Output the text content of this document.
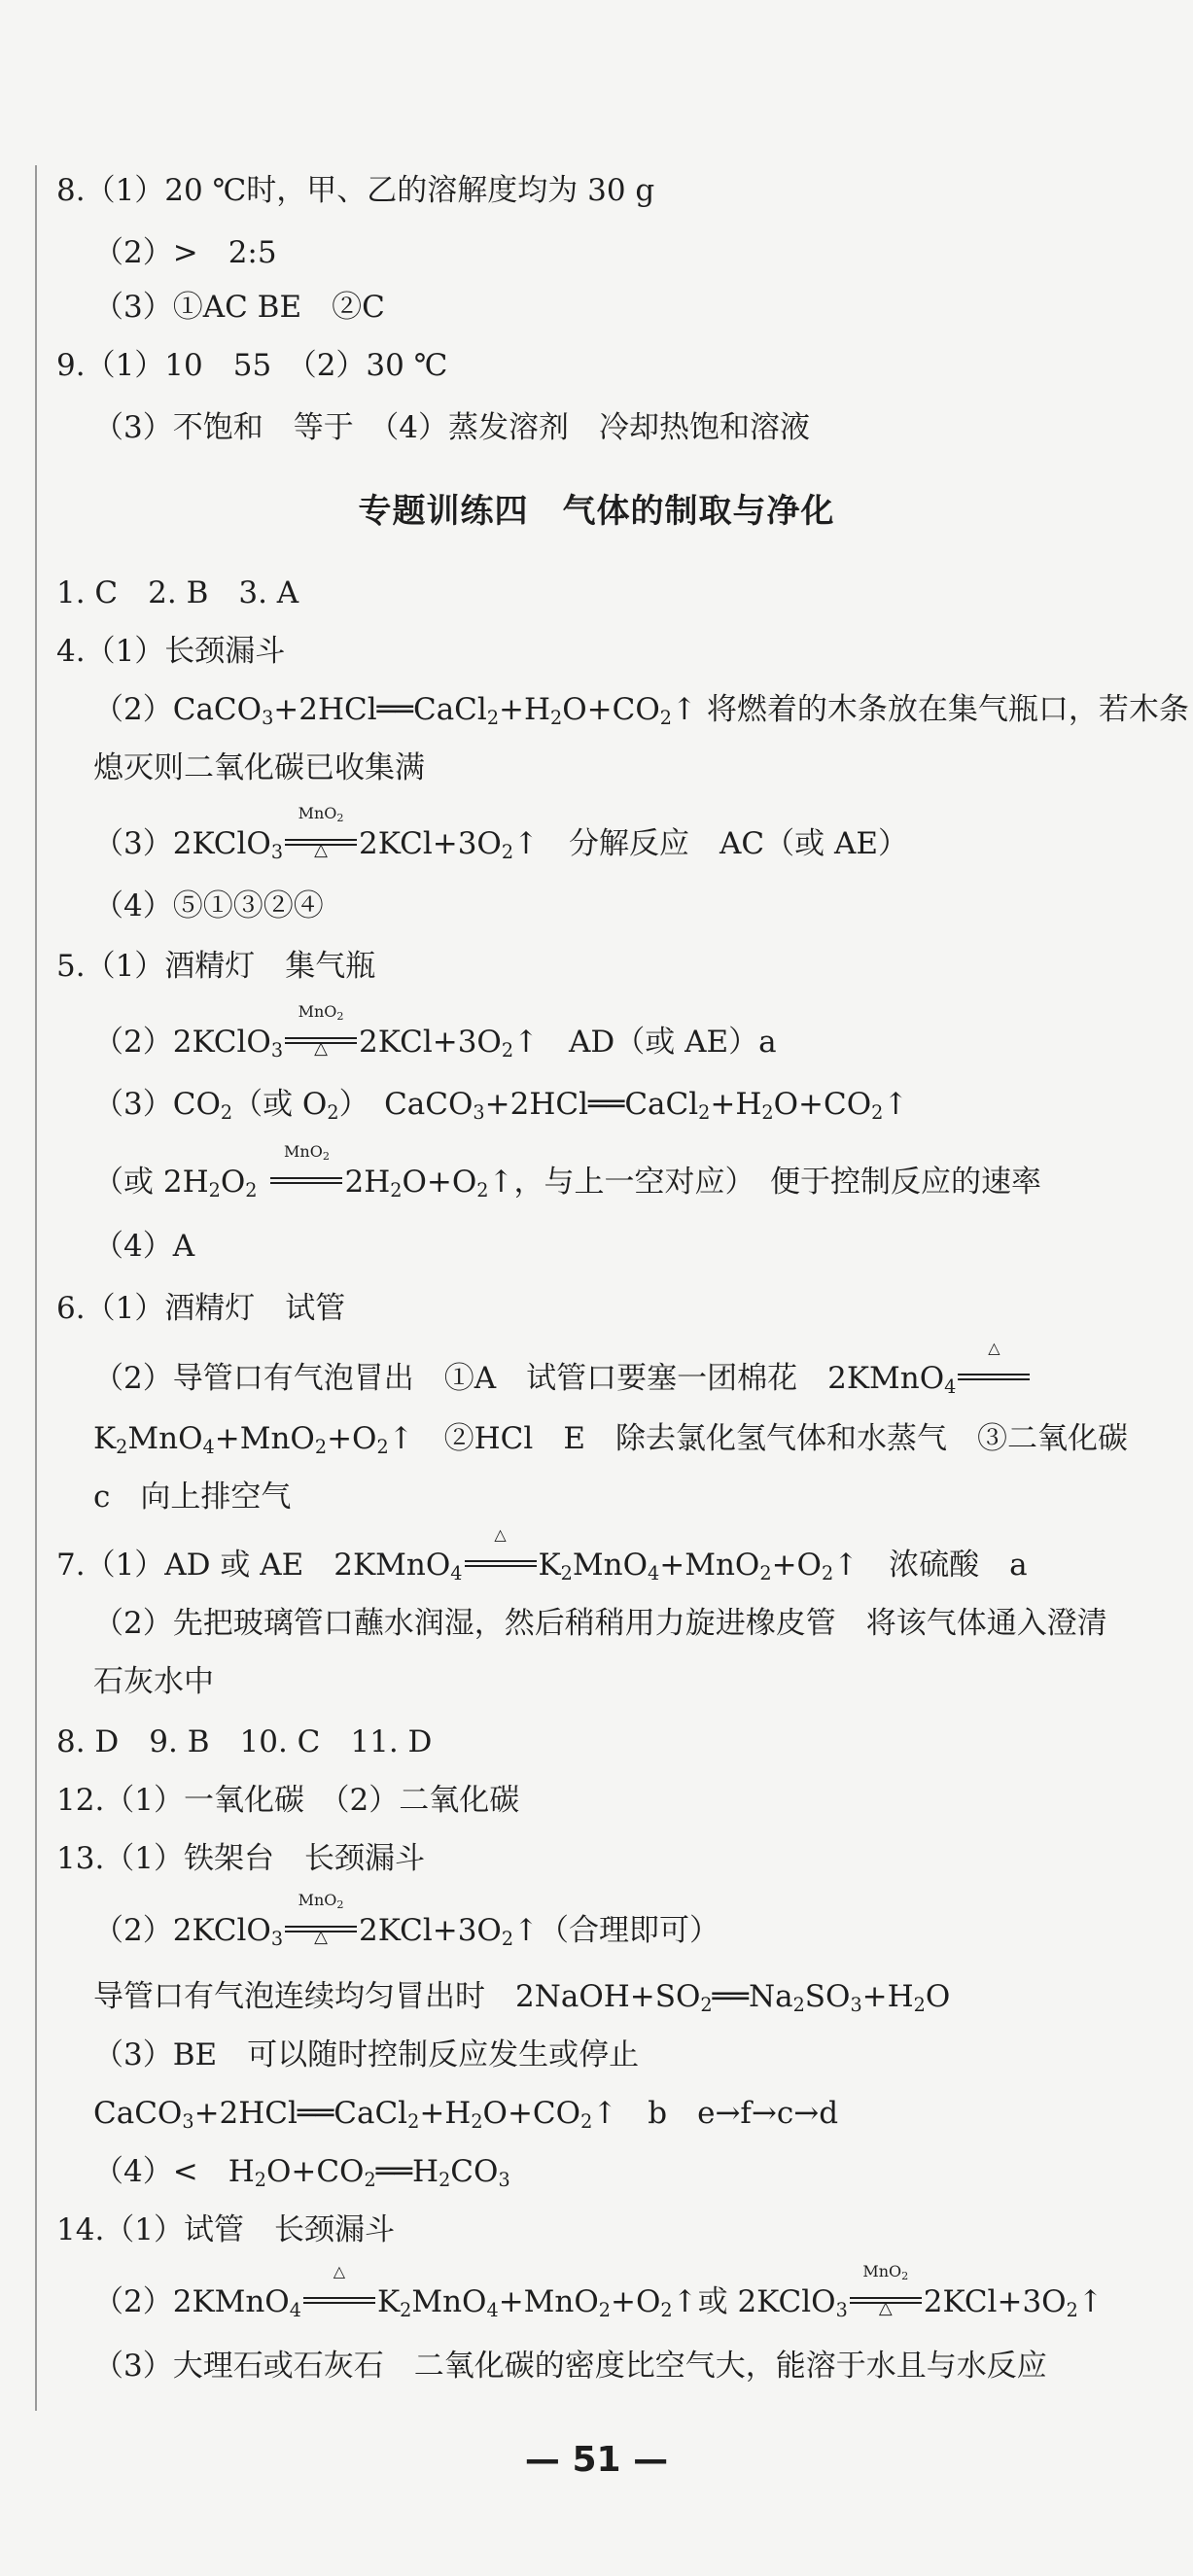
8.（1）20 ℃时，甲、乙的溶解度均为 30 g
（2）>　2:5
（3）①AC BE　②C
9.（1）10　55　（2）30 ℃
（3）不饱和　等于　（4）蒸发溶剂　冷却热饱和溶液
专题训练四　气体的制取与净化
1. C　2. B　3. A
4.（1）长颈漏斗
$(2)CaCO_3+2HCl══CaCl_2+H_2O+CO_2↑$ 将燃着的木条放在集气瓶口，若木条
熄灭则二氧化碳已收集满
（3）2KClO$_3$
MnO$_2$
△	$2KCl+3O_2↑$　分解反应　AC（或 AE）
（4）⑤①③②④
5.（1）酒精灯　集气瓶
（2）2KClO$_3$
MnO$_2$
△	$2KCl+3O_2↑$　AD（或 AE）a
$(3)CO_2$（或 $O_2$）　$CaCO_3+2HCl══CaCl_2+H_2O+CO_2↑$
（或 $2H_2O_2$
MnO$_2$
$2H_2O+O_2↑$，与上一空对应）　便于控制反应的速率
（4）A
6.（1）酒精灯　试管
（2）导管口有气泡冒出　①A　试管口要塞一团棉花　2KMnO$_4$
△
$K_2MnO_4+MnO_2+O_2↑$　②HCl　E　除去氯化氢气体和水蒸气　③二氧化碳
c　向上排空气
7.（1）AD 或 AE　2KMnO$_4$
△
$K_2MnO_4+MnO_2+O_2↑$　浓硫酸　a
（2）先把玻璃管口蘸水润湿，然后稍稍用力旋进橡皮管　将该气体通入澄清
石灰水中
8. D　9. B　10. C　11. D
12.（1）一氧化碳　（2）二氧化碳
13.（1）铁架台　长颈漏斗
（2）2KClO$_3$
MnO$_2$
△	$2KCl+3O_2↑$（合理即可）
导管口有气泡连续均匀冒出时　$2NaOH+SO_2══Na_2SO_3+H_2O$
（3）BE　可以随时控制反应发生或停止
$CaCO_3+2HCl══CaCl_2+H_2O+CO_2↑$　b　e→f→c→d
（4）<　$H_2O+CO_2══H_2CO_3$
14.（1）试管　长颈漏斗
（2）2KMnO$_4$
△
$K_2MnO_4+MnO_2+O_2↑$或 2KClO$_3$
MnO$_2$
△	$2KCl+3O_2↑$
（3）大理石或石灰石　二氧化碳的密度比空气大，能溶于水且与水反应
— 51 —
